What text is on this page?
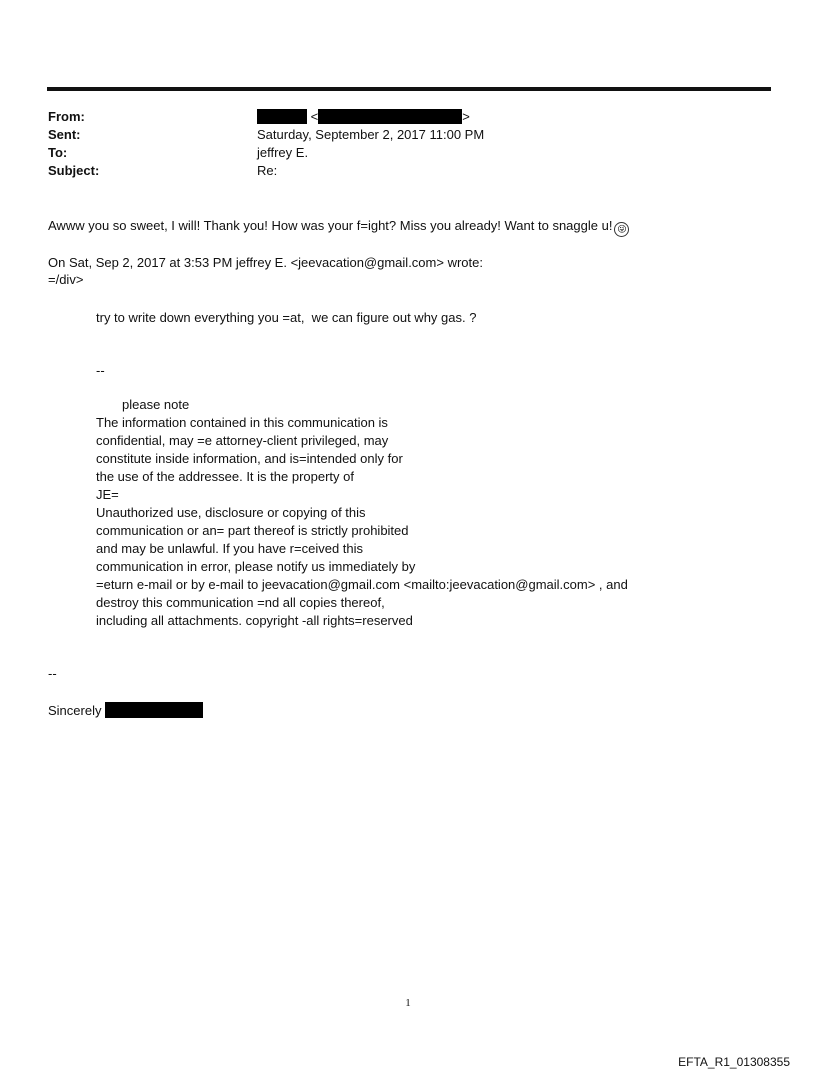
From:	<	>
Sent:	Saturday, September 2, 2017 11:00 PM
To:	jeffrey E.
Subject:	Re:
Awww you so sweet, I will! Thank you! How was your f=ight? Miss you already! Want to snaggle u! 😜
On Sat, Sep 2, 2017 at 3:53 PM jeffrey E. <jeevacation@gmail.com> wrote:
=/div>
try to write down everything you =at,  we can figure out why gas. ?
--
please note
The information contained in this communication is
confidential, may =e attorney-client privileged, may
constitute inside information, and is=intended only for
the use of the addressee. It is the property of
JE=
Unauthorized use, disclosure or copying of this
communication or an= part thereof is strictly prohibited
and may be unlawful. If you have r=ceived this
communication in error, please notify us immediately by
=eturn e-mail or by e-mail to jeevacation@gmail.com <mailto:jeevacation@gmail.com> , and
destroy this communication =nd all copies thereof,
including all attachments. copyright -all rights=reserved
--
Sincerely
1
EFTA_R1_01308355
